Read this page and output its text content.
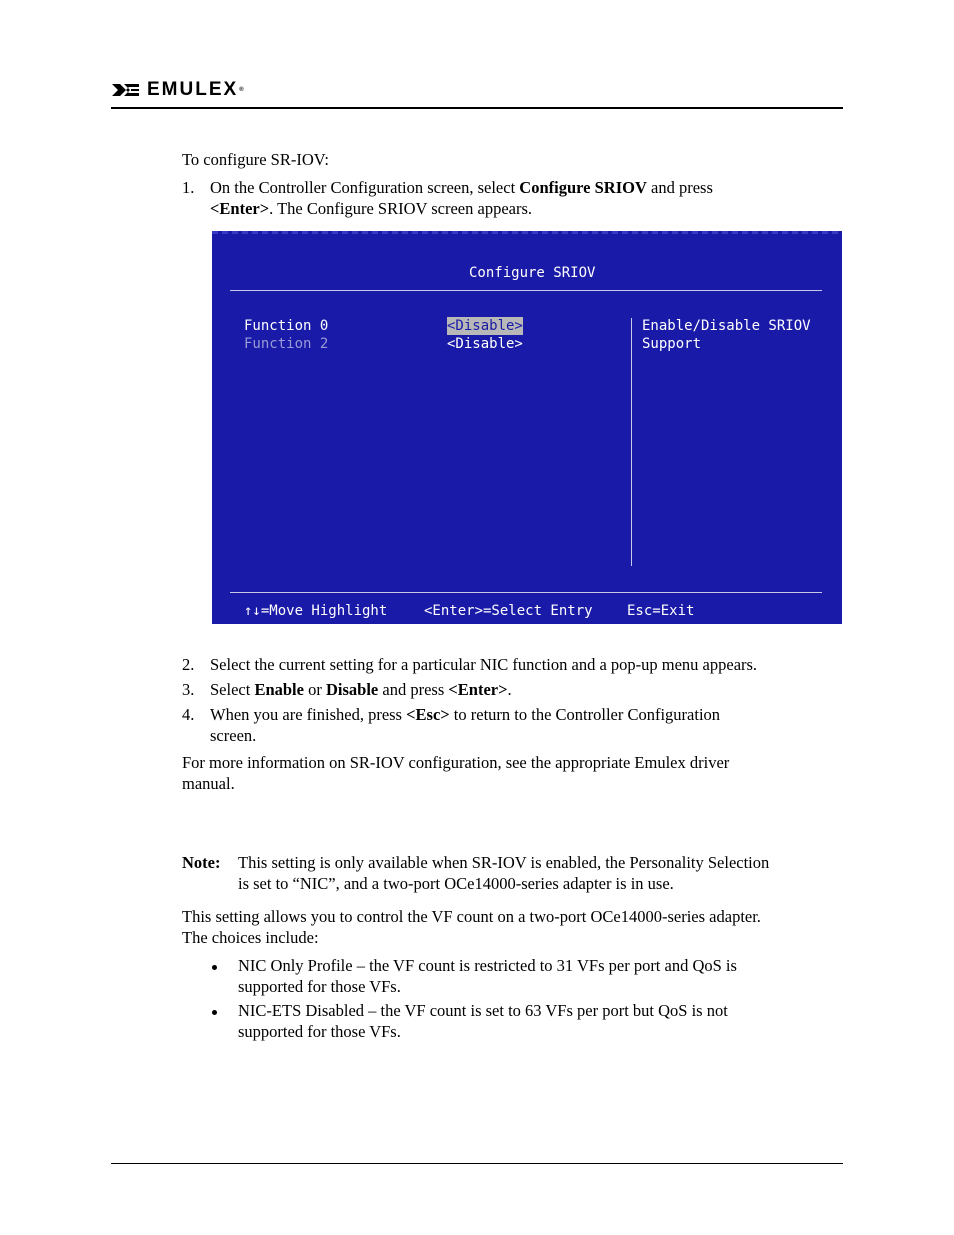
EMULEX®
To configure SR-IOV:
1. On the Controller Configuration screen, select Configure SRIOV and press
<Enter>. The Configure SRIOV screen appears.
Configure SRIOV
Function 0	<Disable>
Function 2	<Disable>
Enable/Disable SRIOV
Support
↑↓=Move Highlight	<Enter>=Select Entry Esc=Exit
2. Select the current setting for a particular NIC function and a pop-up menu appears.
3. Select Enable or Disable and press <Enter>.
4. When you are finished, press <Esc> to return to the Controller Configuration
screen.
For more information on SR-IOV configuration, see the appropriate Emulex driver
manual.
Note: This setting is only available when SR-IOV is enabled, the Personality Selection
is set to “NIC”, and a two-port OCe14000-series adapter is in use.
This setting allows you to control the VF count on a two-port OCe14000-series adapter.
The choices include:
NIC Only Profile – the VF count is restricted to 31 VFs per port and QoS is
supported for those VFs.
NIC-ETS Disabled – the VF count is set to 63 VFs per port but QoS is not
supported for those VFs.
